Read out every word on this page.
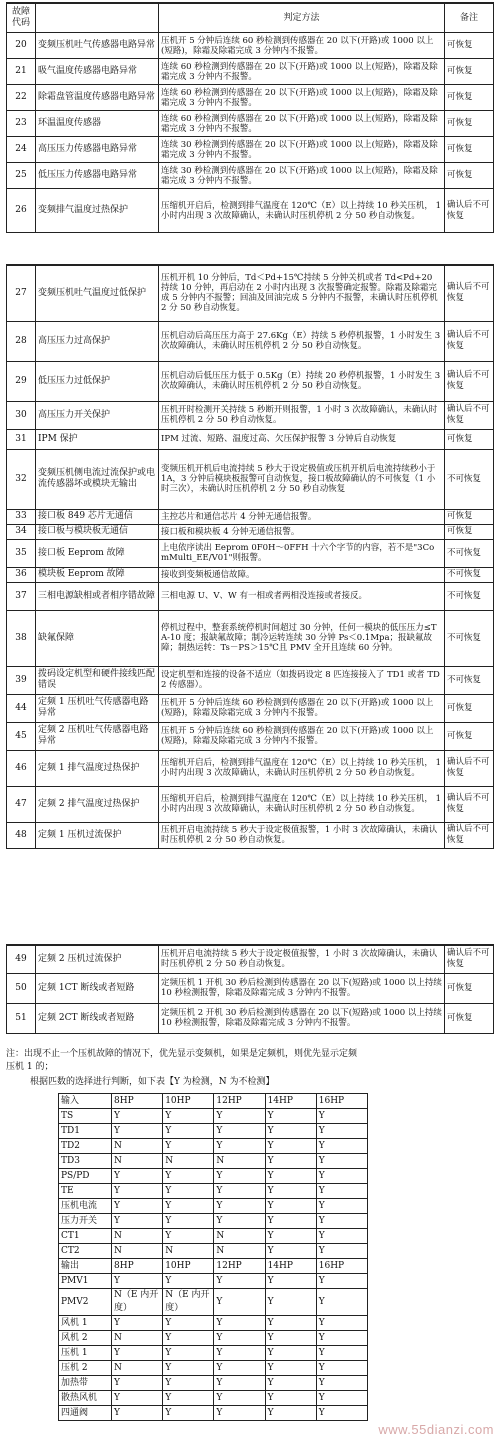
故障代码		判定方法	备注
20	变频压机吐气传感器电路异常	压机开 5 分钟后连续 60 秒检测到传感器在 20 以下(开路)或 1000 以上(短路)，除霜及除霜完成 3 分钟内不报警。	可恢复
21	吸气温度传感器电路异常	连续 60 秒检测到传感器在 20 以下(开路)或 1000 以上(短路)，除霜及除霜完成 3 分钟内不报警。	可恢复
22	除霜盘管温度传感器电路异常	连续 60 秒检测到传感器在 20 以下(开路)或 1000 以上(短路)，除霜及除霜完成 3 分钟内不报警。	可恢复
23	环温温度传感器	连续 60 秒检测到传感器在 20 以下(开路)或 1000 以上(短路)，除霜及除霜完成 3 分钟内不报警。	可恢复
24	高压压力传感器电路异常	连续 30 秒检测到传感器在 20 以下(开路)或 1000 以上(短路)，除霜及除霜完成 3 分钟内不报警。	可恢复
25	低压压力传感器电路异常	连续 30 秒检测到传感器在 20 以下(开路)或 1000 以上(短路)，除霜及除霜完成 3 分钟内不报警。	可恢复
26	变频排气温度过热保护	压缩机开启后，检测到排气温度在 120℃（E）以上持续 10 秒关压机， 1 小时内出现 3 次故障确认，未确认时压机停机 2 分 50 秒自动恢复。	确认后不可恢复
27	变频压机吐气温度过低保护	压机开机 10 分钟后，Td＜Pd+15℃持续 5 分钟关机或者 Td<Pd+20 持续 10 分钟，再启动在 2 小时内出现 3 次报警确定报警。除霜及除霜完成 5 分钟内不报警；回油及回油完成 5 分钟内不报警，未确认时压机停机 2 分 50 秒自动恢复。	确认后不可恢复
28	高压压力过高保护	压机启动后高压压力高于 27.6Kg（E）持续 5 秒停机报警，1 小时发生 3 次故障确认，未确认时压机停机 2 分 50 秒自动恢复。	确认后不可恢复
29	低压压力过低保护	压机启动后低压压力低于 0.5Kg（E）持续 20 秒停机报警，1 小时发生 3 次故障确认，未确认时压机停机 2 分 50 秒自动恢复。	确认后不可恢复
30	高压压力开关保护	压机开时检测开关持续 5 秒断开则报警，1 小时 3 次故障确认，未确认时压机停机 2 分 50 秒自动恢复。	确认后不可恢复
31	IPM 保护	IPM 过流、短路、温度过高、欠压保护报警 3 分钟后自动恢复	可恢复
32	变频压机侧电流过流保护或电流传感器坏或模块无输出	变频压机开机后电流持续 5 秒大于设定极值或压机开机后电流持续秒小于 1A，3 分钟后模块板报警可自动恢复，接口板故障确认的不可恢复（1 小时三次），未确认时压机停机 2 分 50 秒自动恢复	不可恢复
33	接口板 849 芯片无通信	主控芯片和通信芯片 4 分钟无通信报警。	可恢复
34	接口板与模块板无通信	接口板和模块板 4 分钟无通信报警。	可恢复
35	接口板 Eeprom 故障	上电依序读出 Eeprom 0F0H～0FFH 十六个字节的内容，若不是"3ComMulti_EE/V01"则报警。	不可恢复
36	模块板 Eeprom 故障	接收到变频板通信故障。	不可恢复
37	三相电源缺相或者相序错故障	三相电源 U、V、W 有一相或者两相没连接或者接反。	不可恢复
38	缺氟保障	停机过程中，整套系统停机时间超过 30 分钟，任何一模块的低压压力≤TA-10 度；报缺氟故障；制冷运转连续 30 分钟 Ps＜0.1Mpa；报缺氟故障；制热运转：Ts－PS＞15℃且 PMV 全开且连续 60 分钟。	不可恢复
39	拨码设定机型和硬件接线匹配错误	设定机型和连接的设备不适应（如拨码设定 8 匹连接接入了 TD1 或者 TD2 传感器）。	不可恢复
44	定频 1 压机吐气传感器电路异常	压机开 5 分钟后连续 60 秒检测到传感器在 20 以下(开路)或 1000 以上(短路)，除霜及除霜完成 3 分钟内不报警。	可恢复
45	定频 2 压机吐气传感器电路异常	压机开 5 分钟后连续 60 秒检测到传感器在 20 以下(开路)或 1000 以上(短路)，除霜及除霜完成 3 分钟内不报警。	可恢复
46	定频 1 排气温度过热保护	压缩机开启后，检测到排气温度在 120℃（E）以上持续 10 秒关压机， 1 小时内出现 3 次故障确认，未确认时压机停机 2 分 50 秒自动恢复。	确认后不可恢复
47	定频 2 排气温度过热保护	压缩机开启后，检测到排气温度在 120℃（E）以上持续 10 秒关压机， 1 小时内出现 3 次故障确认，未确认时压机停机 2 分 50 秒自动恢复。	确认后不可恢复
48	定频 1 压机过流保护	压机开启电流持续 5 秒大于设定极值报警，1 小时 3 次故障确认，未确认时压机停机 2 分 50 秒自动恢复。	确认后不可恢复
49	定频 2 压机过流保护	压机开启电流持续 5 秒大于设定极值报警，1 小时 3 次故障确认，未确认时压机停机 2 分 50 秒自动恢复。	确认后不可恢复
50	定频 1CT 断线或者短路	定频压机 1 开机 30 秒后检测到传感器在 20 以下(短路)或 1000 以上持续 10 秒检测报警，除霜及除霜完成 3 分钟内不报警。	可恢复
51	定频 2CT 断线或者短路	定频压机 2 开机 30 秒后检测到传感器在 20 以下(短路)或 1000 以上持续 10 秒检测报警，除霜及除霜完成 3 分钟内不报警。	可恢复
注：出现不止一个压机故障的情况下，优先显示变频机，如果是定频机，则优先显示定频
压机 1 的；
根据匹数的选择进行判断，如下表【Y 为检测，N 为不检测】
输入	8HP	10HP	12HP	14HP	16HP
TS	Y	Y	Y	Y	Y
TD1	Y	Y	Y	Y	Y
TD2	N	Y	Y	Y	Y
TD3	N	N	N	Y	Y
PS/PD	Y	Y	Y	Y	Y
TE	Y	Y	Y	Y	Y
压机电流	Y	Y	Y	Y	Y
压力开关	Y	Y	Y	Y	Y
CT1	N	Y	N	Y	Y
CT2	N	N	N	Y	Y
输出	8HP	10HP	12HP	14HP	16HP
PMV1	Y	Y	Y	Y	Y
PMV2	N（E 内开度）	N（E 内开度）	Y	Y	Y
风机 1	Y	Y	Y	Y	Y
风机 2	N	Y	Y	Y	Y
压机 1	Y	Y	Y	Y	Y
压机 2	N	Y	Y	Y	Y
加热带	Y	Y	Y	Y	Y
散热风机	Y	Y	Y	Y	Y
四通阀	Y	Y	Y	Y	Y
www.55dianzi.com
